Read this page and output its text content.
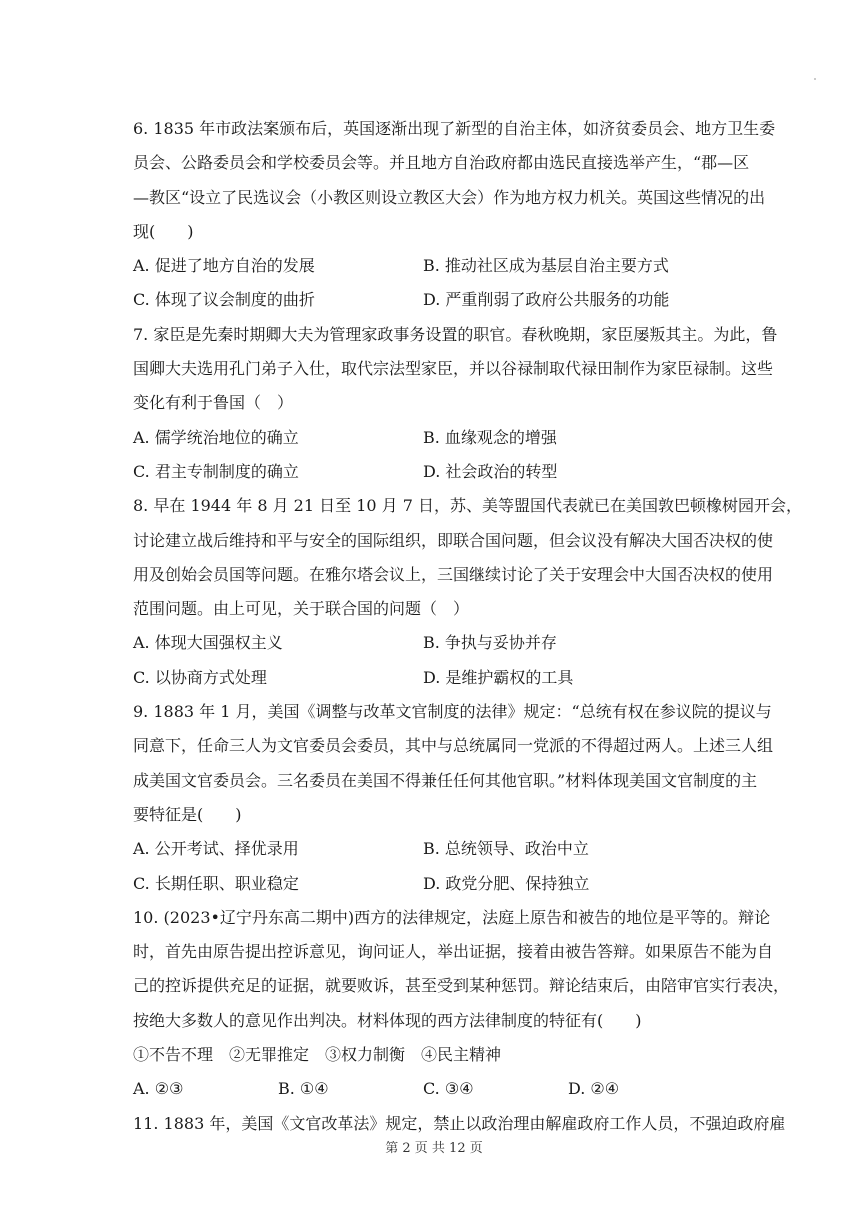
6. 1835 年市政法案颁布后，英国逐渐出现了新型的自治主体，如济贫委员会、地方卫生委
员会、公路委员会和学校委员会等。并且地方自治政府都由选民直接选举产生，“郡—区
—教区“设立了民选议会（小教区则设立教区大会）作为地方权力机关。英国这些情况的出
现(　　)
A. 促进了地方自治的发展	B. 推动社区成为基层自治主要方式
C. 体现了议会制度的曲折	D. 严重削弱了政府公共服务的功能
7. 家臣是先秦时期卿大夫为管理家政事务设置的职官。春秋晚期，家臣屡叛其主。为此，鲁
国卿大夫选用孔门弟子入仕，取代宗法型家臣，并以谷禄制取代禄田制作为家臣禄制。这些
变化有利于鲁国（　）
A. 儒学统治地位的确立	B. 血缘观念的增强
C. 君主专制制度的确立	D. 社会政治的转型
8. 早在 1944 年 8 月 21 日至 10 月 7 日，苏、美等盟国代表就已在美国敦巴顿橡树园开会，
讨论建立战后维持和平与安全的国际组织，即联合国问题，但会议没有解决大国否决权的使
用及创始会员国等问题。在雅尔塔会议上，三国继续讨论了关于安理会中大国否决权的使用
范围问题。由上可见，关于联合国的问题（　）
A. 体现大国强权主义	B. 争执与妥协并存
C. 以协商方式处理	D. 是维护霸权的工具
9. 1883 年 1 月，美国《调整与改革文官制度的法律》规定：“总统有权在参议院的提议与
同意下，任命三人为文官委员会委员，其中与总统属同一党派的不得超过两人。上述三人组
成美国文官委员会。三名委员在美国不得兼任任何其他官职。”材料体现美国文官制度的主
要特征是(　　)
A. 公开考试、择优录用	B. 总统领导、政治中立
C. 长期任职、职业稳定	D. 政党分肥、保持独立
10. (2023•辽宁丹东高二期中)西方的法律规定，法庭上原告和被告的地位是平等的。辩论
时，首先由原告提出控诉意见，询问证人，举出证据，接着由被告答辩。如果原告不能为自
己的控诉提供充足的证据，就要败诉，甚至受到某种惩罚。辩论结束后，由陪审官实行表决，
按绝大多数人的意见作出判决。材料体现的西方法律制度的特征有(　　)
①不告不理　②无罪推定　③权力制衡　④民主精神
A. ②③	B. ①④	C. ③④	D. ②④
11. 1883 年，美国《文官改革法》规定，禁止以政治理由解雇政府工作人员，不强迫政府雇
第 2 页 共 12 页
